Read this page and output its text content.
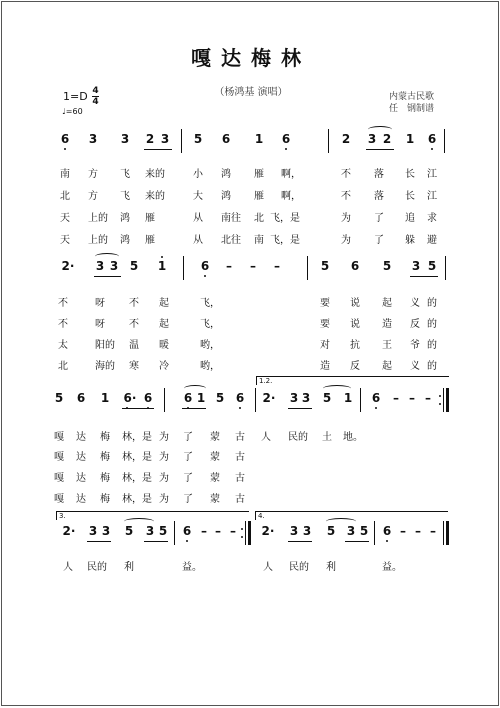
嘎达梅林
（杨鸿基 演唱）	内蒙古民歌
任　钢制谱
1=D 4
4
♩=60
6 3 3 2 3 5 6 1 6	2 3 2 1 6
南 方 飞 来的	小 鸿 雁 啊，	不 落 长 江
北 方 飞 来的	大 鸿 雁 啊，	不 落 长 江
天 上的 鸿 雁	从 南往 北 飞，是	为 了 追 求
天 上的 鸿 雁	从 北往 南 飞，是	为 了 躲 避
2· 3 3 5 1	6 – – –	5 6 5 3 5
不	呀 不 起	飞，	要 说 起 义 的
不	呀 不 起	飞，	要 说 造 反 的
太	阳的 温 暖	哟，	对 抗 王 爷 的
北	海的 寒 冷	哟，	造 反 起 义 的
1.2.
5 6 1 6· 6	6 1 5 6 2· 3 3 5 1 6 – – –
嘎 达 梅 林，是 为 了 蒙 古 人 民的 土 地。
嘎 达 梅 林，是 为 了 蒙 古
嘎 达 梅 林，是 为 了 蒙 古
嘎 达 梅 林，是 为 了 蒙 古
3.	4.
2· 3 3 5 3 5 6 – – – 2· 3 3 5 3 5 6 – – –
人 民的 利	益。	人 民的 利	益。
